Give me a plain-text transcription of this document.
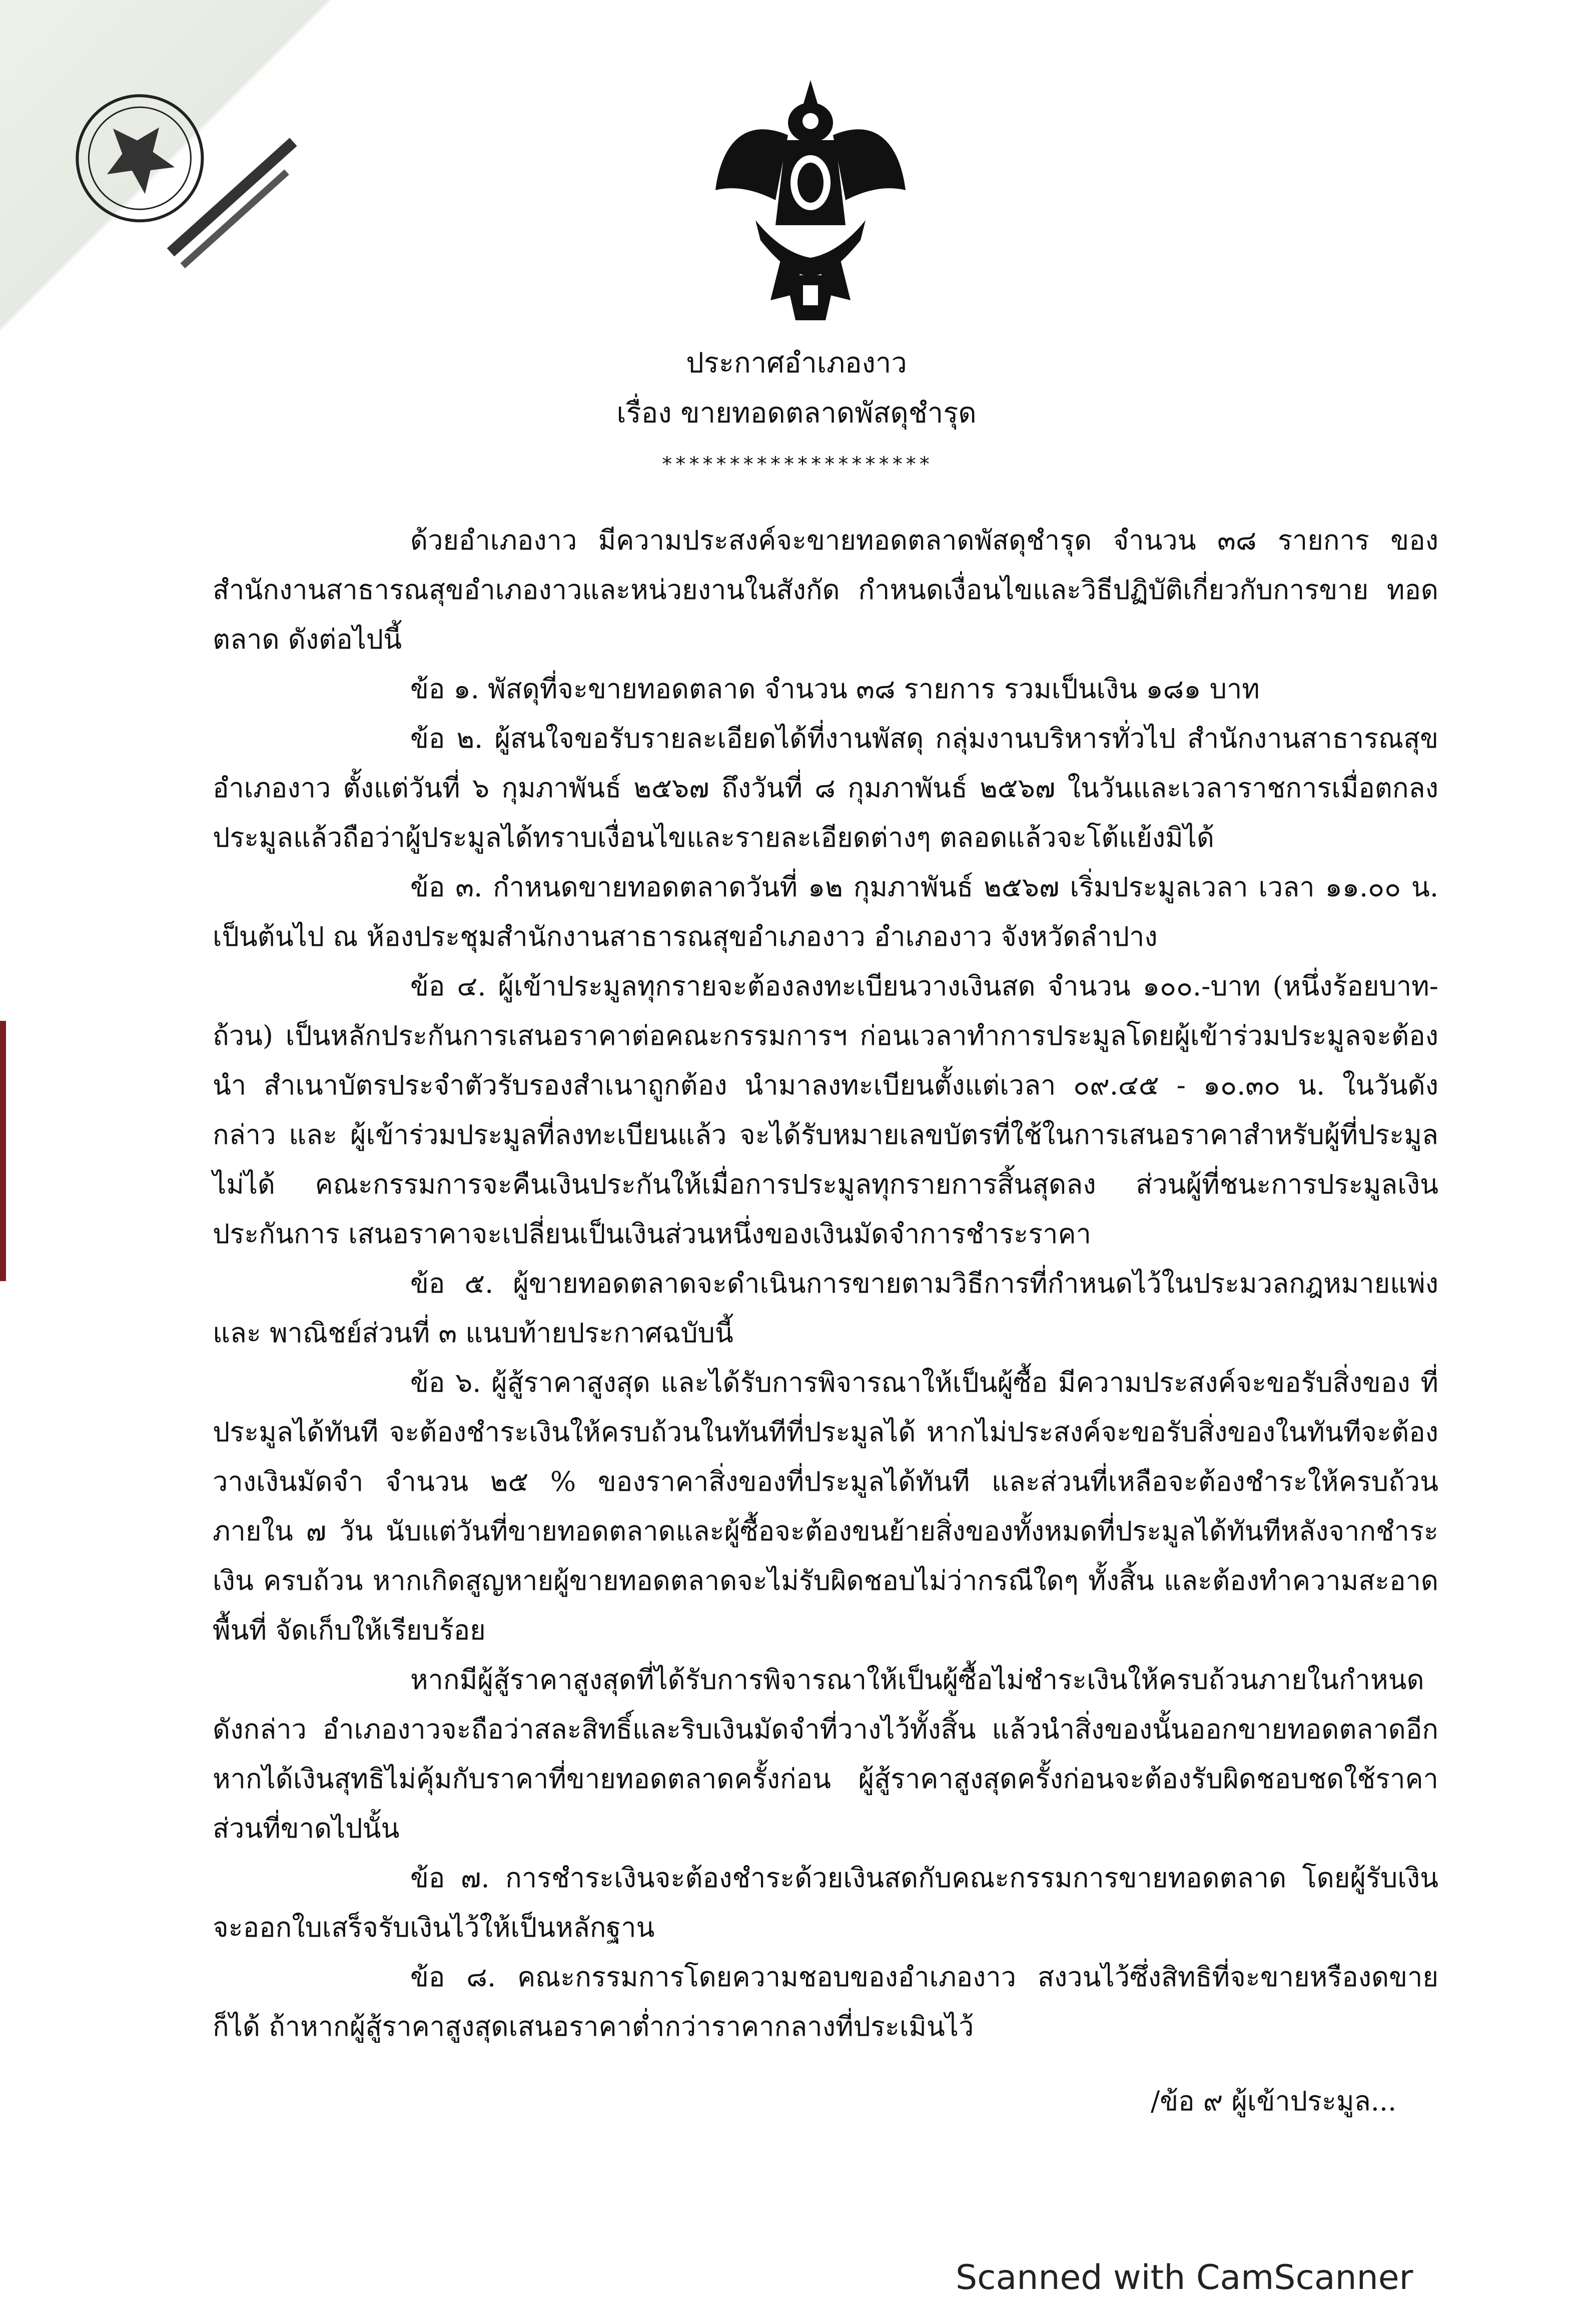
ประกาศอำเภองาว
เรื่อง ขายทอดตลาดพัสดุชำรุด
********************

ด้วยอำเภองาว มีความประสงค์จะขายทอดตลาดพัสดุชำรุด จำนวน ๓๘ รายการ ของสำนักงานสาธารณสุขอำเภองาวและหน่วยงานในสังกัด กำหนดเงื่อนไขและวิธีปฏิบัติเกี่ยวกับการขาย ทอดตลาด ดังต่อไปนี้

ข้อ ๑. พัสดุที่จะขายทอดตลาด จำนวน ๓๘ รายการ รวมเป็นเงิน ๑๘๑ บาท

ข้อ ๒. ผู้สนใจขอรับรายละเอียดได้ที่งานพัสดุ กลุ่มงานบริหารทั่วไป สำนักงานสาธารณสุข อำเภองาว ตั้งแต่วันที่ ๖ กุมภาพันธ์ ๒๕๖๗ ถึงวันที่ ๘ กุมภาพันธ์ ๒๕๖๗ ในวันและเวลาราชการเมื่อตกลง ประมูลแล้วถือว่าผู้ประมูลได้ทราบเงื่อนไขและรายละเอียดต่างๆ ตลอดแล้วจะโต้แย้งมิได้

ข้อ ๓. กำหนดขายทอดตลาดวันที่ ๑๒ กุมภาพันธ์ ๒๕๖๗ เริ่มประมูลเวลา เวลา ๑๑.๐๐ น. เป็นต้นไป ณ ห้องประชุมสำนักงานสาธารณสุขอำเภองาว อำเภองาว จังหวัดลำปาง

ข้อ ๔. ผู้เข้าประมูลทุกรายจะต้องลงทะเบียนวางเงินสด จำนวน ๑๐๐.-บาท (หนึ่งร้อยบาท-ถ้วน) เป็นหลักประกันการเสนอราคาต่อคณะกรรมการฯ ก่อนเวลาทำการประมูลโดยผู้เข้าร่วมประมูลจะต้องนำ สำเนาบัตรประจำตัวรับรองสำเนาถูกต้อง นำมาลงทะเบียนตั้งแต่เวลา ๐๙.๔๕ - ๑๐.๓๐ น. ในวันดังกล่าว และ ผู้เข้าร่วมประมูลที่ลงทะเบียนแล้ว จะได้รับหมายเลขบัตรที่ใช้ในการเสนอราคาสำหรับผู้ที่ประมูลไม่ได้ คณะกรรมการจะคืนเงินประกันให้เมื่อการประมูลทุกรายการสิ้นสุดลง ส่วนผู้ที่ชนะการประมูลเงินประกันการ เสนอราคาจะเปลี่ยนเป็นเงินส่วนหนึ่งของเงินมัดจำการชำระราคา

ข้อ ๕. ผู้ขายทอดตลาดจะดำเนินการขายตามวิธีการที่กำหนดไว้ในประมวลกฎหมายแพ่งและ พาณิชย์ส่วนที่ ๓ แนบท้ายประกาศฉบับนี้

ข้อ ๖. ผู้สู้ราคาสูงสุด และได้รับการพิจารณาให้เป็นผู้ซื้อ มีความประสงค์จะขอรับสิ่งของ ที่ประมูลได้ทันที จะต้องชำระเงินให้ครบถ้วนในทันทีที่ประมูลได้ หากไม่ประสงค์จะขอรับสิ่งของในทันทีจะต้อง วางเงินมัดจำ จำนวน ๒๕ % ของราคาสิ่งของที่ประมูลได้ทันที และส่วนที่เหลือจะต้องชำระให้ครบถ้วน ภายใน ๗ วัน นับแต่วันที่ขายทอดตลาดและผู้ซื้อจะต้องขนย้ายสิ่งของทั้งหมดที่ประมูลได้ทันทีหลังจากชำระเงิน ครบถ้วน หากเกิดสูญหายผู้ขายทอดตลาดจะไม่รับผิดชอบไม่ว่ากรณีใดๆ ทั้งสิ้น และต้องทำความสะอาดพื้นที่ จัดเก็บให้เรียบร้อย

หากมีผู้สู้ราคาสูงสุดที่ได้รับการพิจารณาให้เป็นผู้ซื้อไม่ชำระเงินให้ครบถ้วนภายในกำหนดดังกล่าว อำเภองาวจะถือว่าสละสิทธิ์และริบเงินมัดจำที่วางไว้ทั้งสิ้น แล้วนำสิ่งของนั้นออกขายทอดตลาดอีก หากได้เงินสุทธิไม่คุ้มกับราคาที่ขายทอดตลาดครั้งก่อน ผู้สู้ราคาสูงสุดครั้งก่อนจะต้องรับผิดชอบชดใช้ราคา ส่วนที่ขาดไปนั้น

ข้อ ๗. การชำระเงินจะต้องชำระด้วยเงินสดกับคณะกรรมการขายทอดตลาด โดยผู้รับเงิน จะออกใบเสร็จรับเงินไว้ให้เป็นหลักฐาน

ข้อ ๘. คณะกรรมการโดยความชอบของอำเภองาว สงวนไว้ซึ่งสิทธิที่จะขายหรืองดขาย ก็ได้ ถ้าหากผู้สู้ราคาสูงสุดเสนอราคาต่ำกว่าราคากลางที่ประเมินไว้

/ข้อ ๙ ผู้เข้าประมูล...
Scanned with CamScanner
